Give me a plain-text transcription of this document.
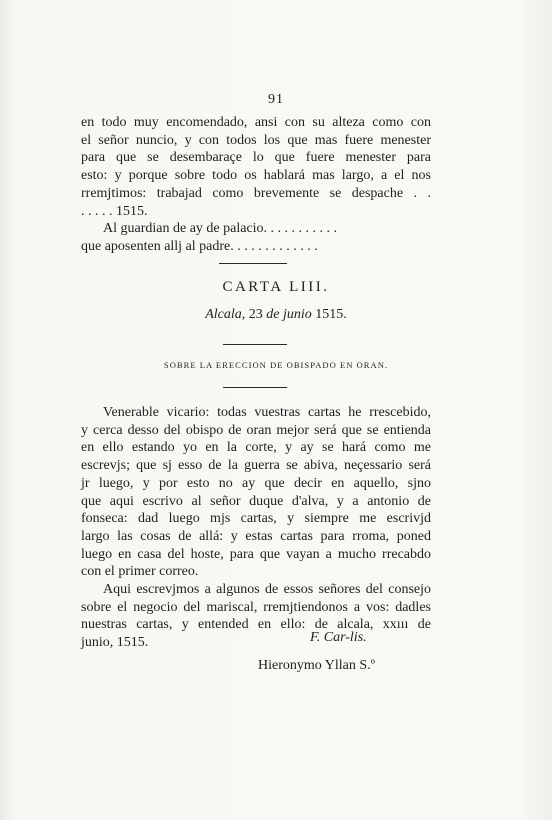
91
en todo muy encomendado, ansi con su alteza como con
el señor nuncio, y con todos los que mas fuere menester
para que se desembaraçe lo que fuere menester para
esto: y porque sobre todo os hablará mas largo, a el nos
rremjtimos: trabajad como brevemente se despache . .
. . . . . 1515.
Al guardian de ay de palacio. . . . . . . . . . .
que aposenten allj al padre. . . . . . . . . . . . .
CARTA LIII.
Alcala, 23 de junio 1515.
SOBRE LA ERECCION DE OBISPADO EN ORAN.
Venerable vicario: todas vuestras cartas he rrescebido,
y cerca desso del obispo de oran mejor será que se entienda
en ello estando yo en la corte, y ay se hará como me
escrevjs; que sj esso de la guerra se abiva, neçessario será
jr luego, y por esto no ay que decir en aquello, sjno
que aqui escrivo al señor duque d'alva, y a antonio de
fonseca: dad luego mjs cartas, y siempre me escrivjd
largo las cosas de allá: y estas cartas para rroma, poned
luego en casa del hoste, para que vayan a mucho rrecabdo
con el primer correo.
Aqui escrevjmos a algunos de essos señores del consejo
sobre el negocio del mariscal, rremjtiendonos a vos: dadles
nuestras cartas, y entended en ello: de alcala, xxııı de
junio, 1515.	F. Car-lis.
Hieronymo Yllan S.º
